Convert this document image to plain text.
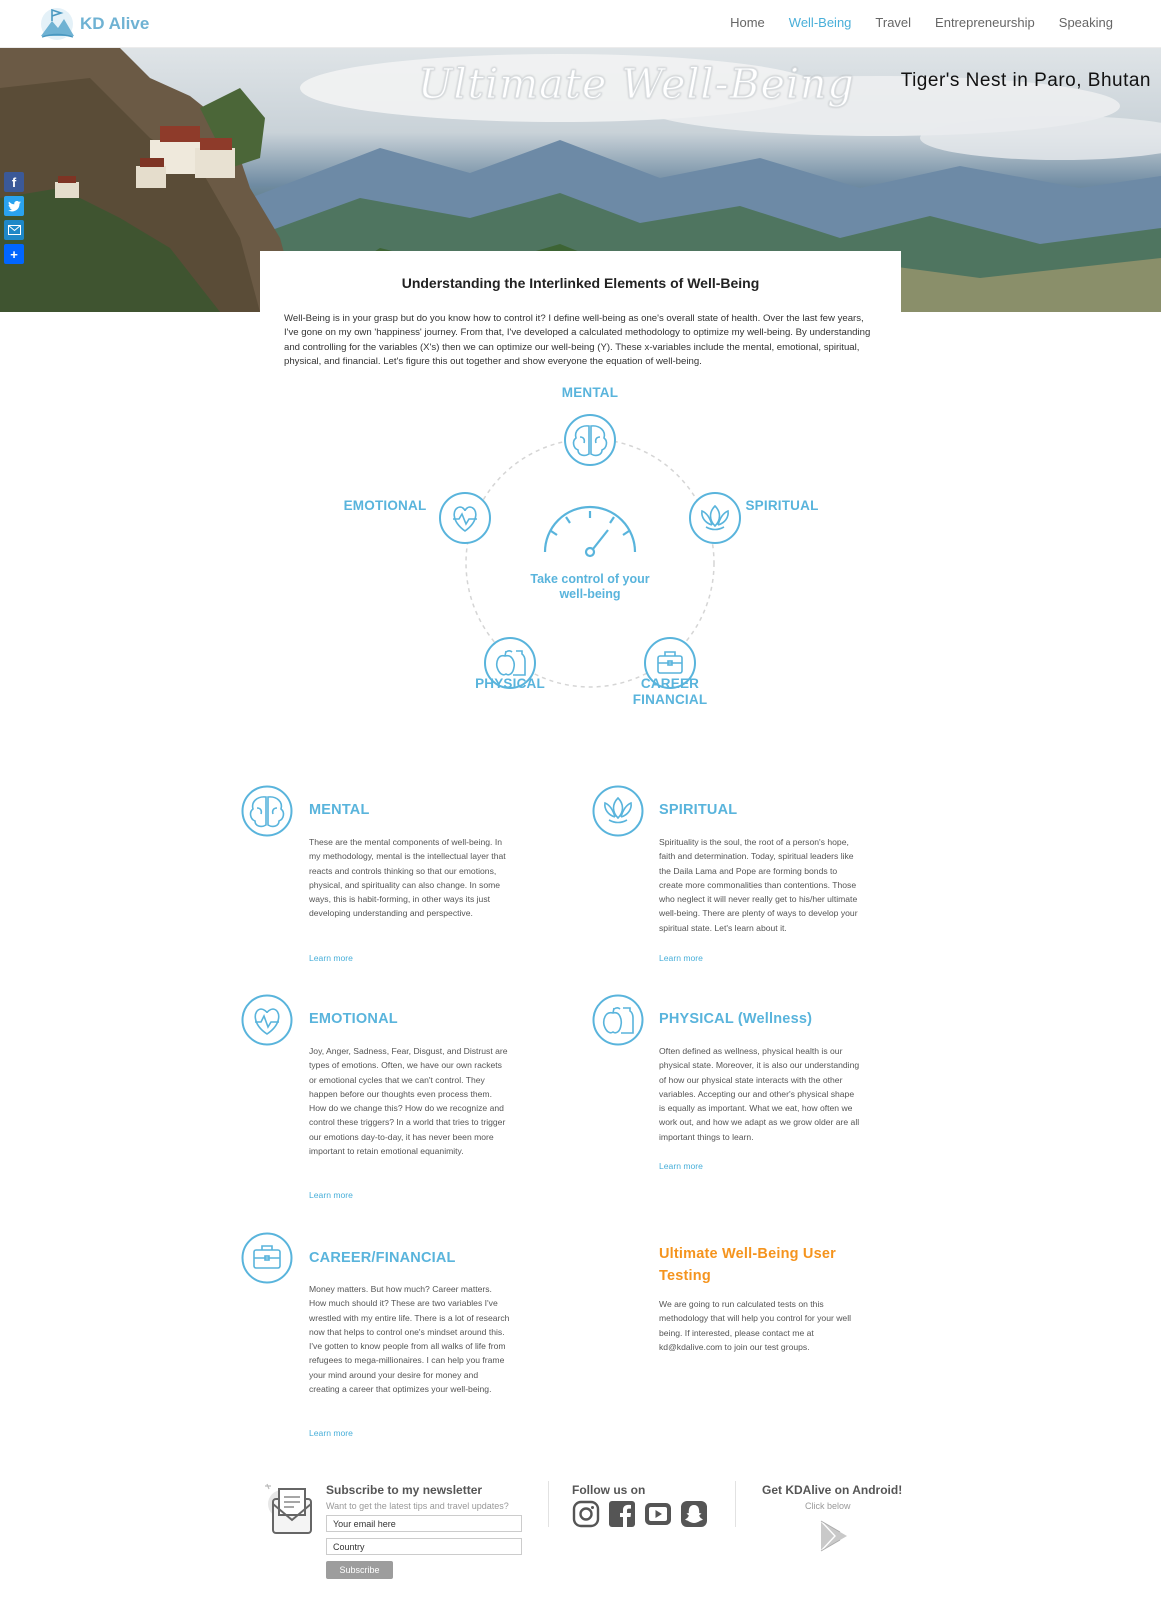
KD Alive	Home Well-Being Travel Entrepreneurship Speaking
Ultimate Well-Being Tiger's Nest in Paro, Bhutan
f
+
Understanding the Interlinked Elements of Well-Being

Well-Being is in your grasp but do you know how to control it? I define well-being as one's overall state of health. Over the last few years, I've gone on my own 'happiness' journey. From that, I've developed a calculated methodology to optimize my well-being. By understanding and controlling for the variables (X's) then we can optimize our well-being (Y). These x-variables include the mental, emotional, spiritual, physical, and financial. Let's figure this out together and show everyone the equation of well-being.

MENTAL
EMOTIONAL	SPIRITUAL
PHYSICAL	CAREER
FINANCIAL
Take control of your well-being
MENTAL

These are the mental components of well-being. In my methodology, mental is the intellectual layer that reacts and controls thinking so that our emotions, physical, and spirituality can also change. In some ways, this is habit-forming, in other ways its just developing understanding and perspective.

Learn more
SPIRITUAL

Spirituality is the soul, the root of a person's hope, faith and determination. Today, spiritual leaders like the Daila Lama and Pope are forming bonds to create more commonalities than contentions. Those who neglect it will never really get to his/her ultimate well-being. There are plenty of ways to develop your spiritual state. Let's learn about it.

Learn more
EMOTIONAL

Joy, Anger, Sadness, Fear, Disgust, and Distrust are types of emotions. Often, we have our own rackets or emotional cycles that we can't control. They happen before our thoughts even process them. How do we change this? How do we recognize and control these triggers? In a world that tries to trigger our emotions day-to-day, it has never been more important to retain emotional equanimity.

Learn more
PHYSICAL (Wellness)

Often defined as wellness, physical health is our physical state. Moreover, it is also our understanding of how our physical state interacts with the other variables. Accepting our and other's physical shape is equally as important. What we eat, how often we work out, and how we adapt as we grow older are all important things to learn.

Learn more
CAREER/FINANCIAL

Money matters. But how much? Career matters. How much should it? These are two variables I've wrestled with my entire life. There is a lot of research now that helps to control one's mindset around this. I've gotten to know people from all walks of life from refugees to mega-millionaires. I can help you frame your mind around your desire for money and creating a career that optimizes your well-being.

Learn more
Ultimate Well-Being User Testing

We are going to run calculated tests on this methodology that will help you control for your well being. If interested, please contact me at kd@kdalive.com to join our test groups.

Subscribe to my newsletter
Want to get the latest tips and travel updates?
Your email here
Country
Subscribe
Follow us on	Get KDAlive on Android!
Click below
